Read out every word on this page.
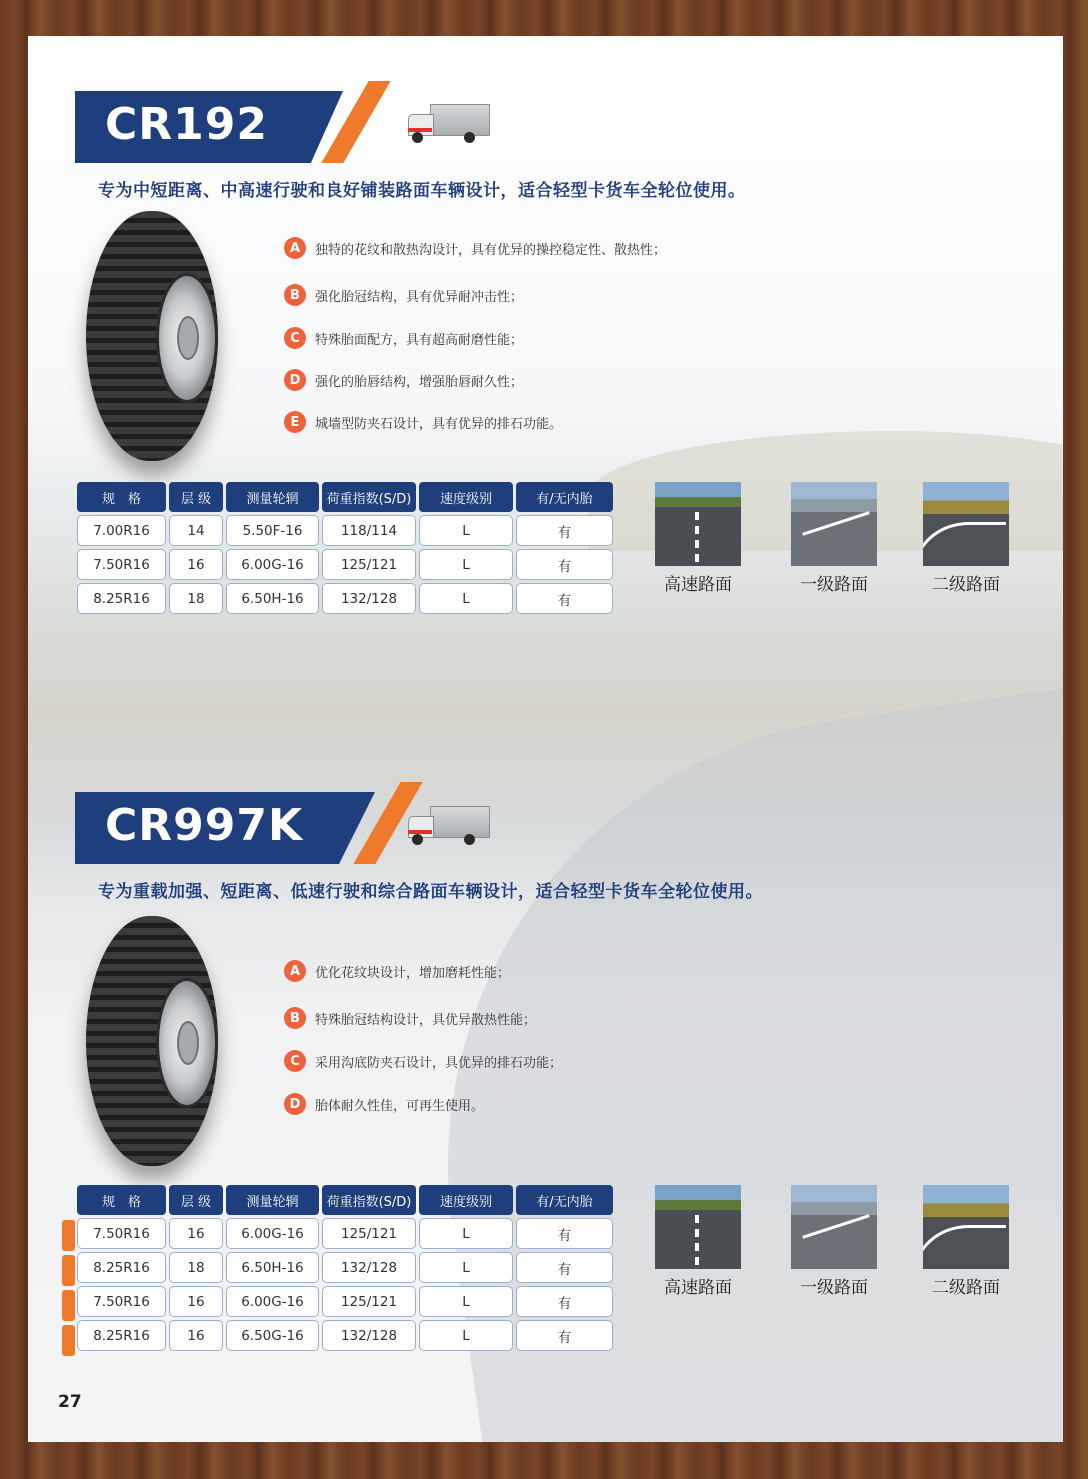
CR192
专为中短距离、中高速行驶和良好铺装路面车辆设计，适合轻型卡货车全轮位使用。
A	独特的花纹和散热沟设计，具有优异的操控稳定性、散热性；
B	强化胎冠结构，具有优异耐冲击性；
C	特殊胎面配方，具有超高耐磨性能；
D	强化的胎唇结构，增强胎唇耐久性；
E	城墙型防夹石设计，具有优异的排石功能。
规　格	层 级	测量轮辋	荷重指数(S/D)	速度级别	有/无内胎
7.00R16	14	5.50F-16	118/114	L	有
7.50R16	16	6.00G-16	125/121	L	有
8.25R16	18	6.50H-16	132/128	L	有
高速路面	一级路面	二级路面
CR997K
专为重载加强、短距离、低速行驶和综合路面车辆设计，适合轻型卡货车全轮位使用。
A	优化花纹块设计，增加磨耗性能；
B	特殊胎冠结构设计，具优异散热性能；
C	采用沟底防夹石设计，具优异的排石功能；
D	胎体耐久性佳，可再生使用。
规　格	层 级	测量轮辋	荷重指数(S/D)	速度级别	有/无内胎
7.50R16	16	6.00G-16	125/121	L	有
8.25R16	18	6.50H-16	132/128	L	有
7.50R16	16	6.00G-16	125/121	L	有
8.25R16	16	6.50G-16	132/128	L	有
高速路面	一级路面	二级路面
27
